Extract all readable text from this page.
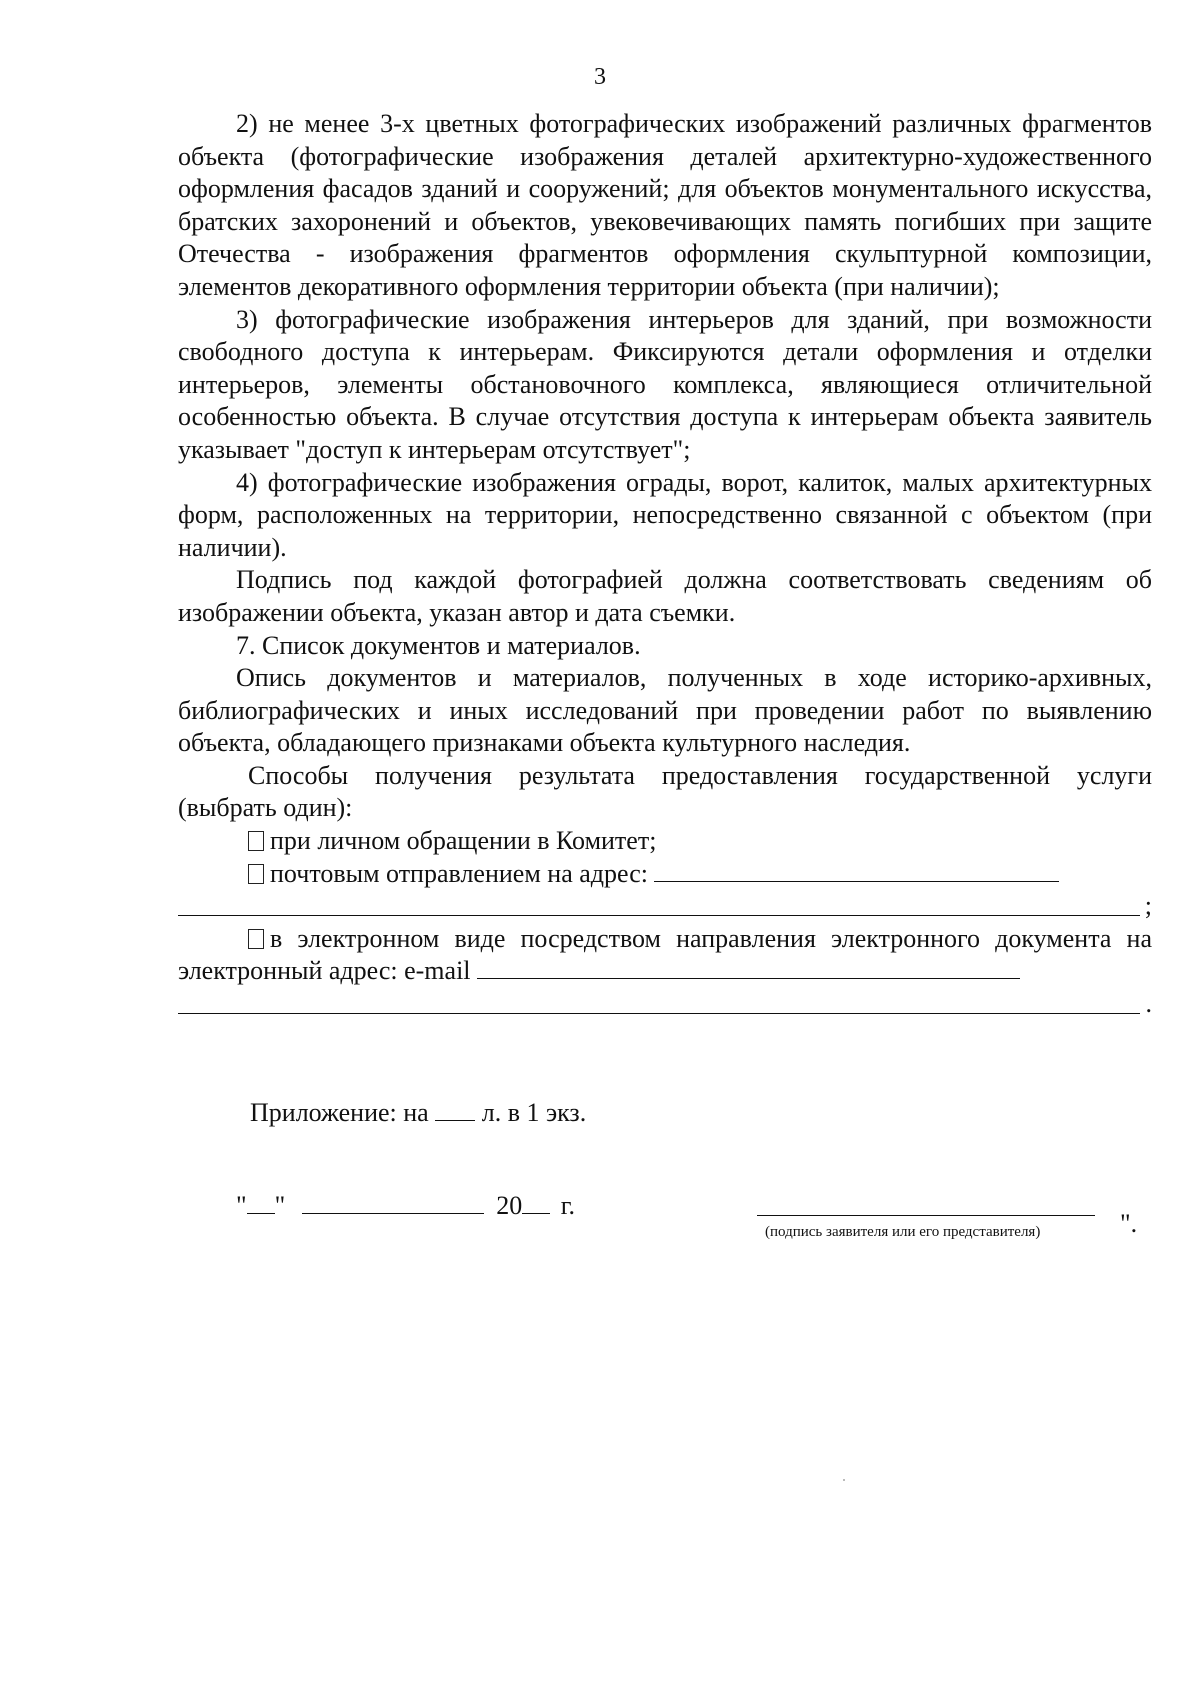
3

2) не менее 3-х цветных фотографических изображений различных фрагментов объекта (фотографические изображения деталей архитектурно-художественного оформления фасадов зданий и сооружений; для объектов монументального искусства, братских захоронений и объектов, увековечивающих память погибших при защите Отечества - изображения фрагментов оформления скульптурной композиции, элементов декоративного оформления территории объекта (при наличии);

3) фотографические изображения интерьеров для зданий, при возможности свободного доступа к интерьерам. Фиксируются детали оформления и отделки интерьеров, элементы обстановочного комплекса, являющиеся отличительной особенностью объекта. В случае отсутствия доступа к интерьерам объекта заявитель указывает "доступ к интерьерам отсутствует";

4) фотографические изображения ограды, ворот, калиток, малых архитектурных форм, расположенных на территории, непосредственно связанной с объектом (при наличии).

Подпись под каждой фотографией должна соответствовать сведениям об изображении объекта, указан автор и дата съемки.

7. Список документов и материалов.

Опись документов и материалов, полученных в ходе историко-архивных, библиографических и иных исследований при проведении работ по выявлению объекта, обладающего признаками объекта культурного наследия.

Способы получения результата предоставления государственной услуги (выбрать один):

при личном обращении в Комитет;

почтовым отправлением на адрес:

;

в электронном виде посредством направления электронного документа на электронный адрес: e-mail

.
Приложение: на л. в 1 экз.
" "	20 г.
(подпись заявителя или его представителя)	".
